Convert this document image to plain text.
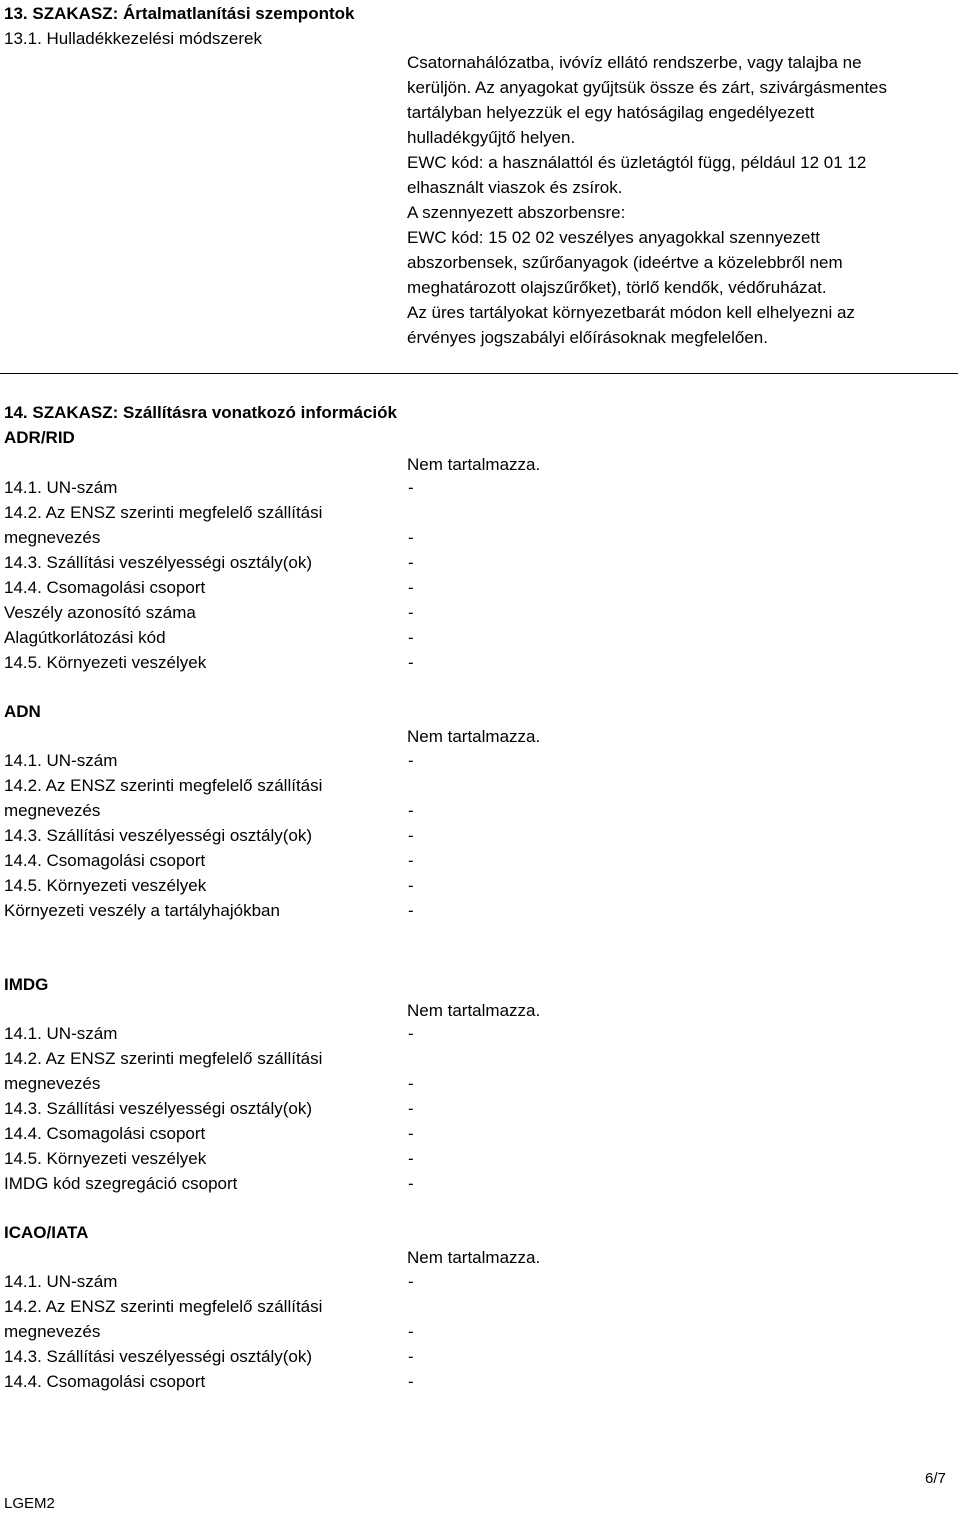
13. SZAKASZ: Ártalmatlanítási szempontok
13.1. Hulladékkezelési módszerek
Csatornahálózatba, ivóvíz ellátó rendszerbe, vagy talajba ne
kerüljön. Az anyagokat gyűjtsük össze és zárt, szivárgásmentes
tartályban helyezzük el egy hatóságilag engedélyezett
hulladékgyűjtő helyen.
EWC kód: a használattól és üzletágtól függ, például 12 01 12
elhasznált viaszok és zsírok.
A szennyezett abszorbensre:
EWC kód: 15 02 02 veszélyes anyagokkal szennyezett
abszorbensek, szűrőanyagok (ideértve a közelebbről nem
meghatározott olajszűrőket), törlő kendők, védőruházat.
Az üres tartályokat környezetbarát módon kell elhelyezni az
érvényes jogszabályi előírásoknak megfelelően.
14. SZAKASZ: Szállításra vonatkozó információk
ADR/RID
Nem tartalmazza.
14.1. UN-szám	-
14.2. Az ENSZ szerinti megfelelő szállítási
megnevezés	-
14.3. Szállítási veszélyességi osztály(ok)	-
14.4. Csomagolási csoport	-
Veszély azonosító száma	-
Alagútkorlátozási kód	-
14.5. Környezeti veszélyek	-
ADN
Nem tartalmazza.
14.1. UN-szám	-
14.2. Az ENSZ szerinti megfelelő szállítási
megnevezés	-
14.3. Szállítási veszélyességi osztály(ok)	-
14.4. Csomagolási csoport	-
14.5. Környezeti veszélyek	-
Környezeti veszély a tartályhajókban	-
IMDG
Nem tartalmazza.
14.1. UN-szám	-
14.2. Az ENSZ szerinti megfelelő szállítási
megnevezés	-
14.3. Szállítási veszélyességi osztály(ok)	-
14.4. Csomagolási csoport	-
14.5. Környezeti veszélyek	-
IMDG kód szegregáció csoport	-
ICAO/IATA
Nem tartalmazza.
14.1. UN-szám	-
14.2. Az ENSZ szerinti megfelelő szállítási
megnevezés	-
14.3. Szállítási veszélyességi osztály(ok)	-
14.4. Csomagolási csoport	-
LGEM2
6/7
